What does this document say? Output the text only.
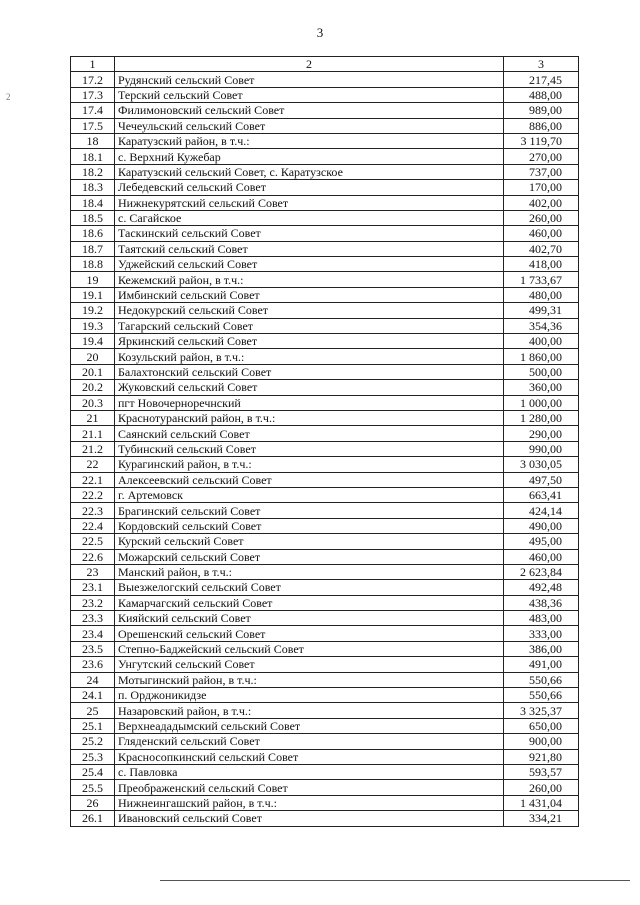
3
2
1	2	3
17.2	Рудянский сельский Совет	217,45
17.3	Терский сельский Совет	488,00
17.4	Филимоновский сельский Совет	989,00
17.5	Чечеульский сельский Совет	886,00
18	Каратузский район, в т.ч.:	3 119,70
18.1	с. Верхний Кужебар	270,00
18.2	Каратузский сельский Совет, с. Каратузское	737,00
18.3	Лебедевский сельский Совет	170,00
18.4	Нижнекурятский сельский Совет	402,00
18.5	с. Сагайское	260,00
18.6	Таскинский сельский Совет	460,00
18.7	Таятский сельский Совет	402,70
18.8	Уджейский сельский Совет	418,00
19	Кежемский район, в т.ч.:	1 733,67
19.1	Имбинский сельский Совет	480,00
19.2	Недокурский сельский Совет	499,31
19.3	Тагарский сельский Совет	354,36
19.4	Яркинский сельский Совет	400,00
20	Козульский район, в т.ч.:	1 860,00
20.1	Балахтонский сельский Совет	500,00
20.2	Жуковский сельский Совет	360,00
20.3	пгт Новочерноречнский	1 000,00
21	Краснотуранский район, в т.ч.:	1 280,00
21.1	Саянский сельский Совет	290,00
21.2	Тубинский сельский Совет	990,00
22	Курагинский район, в т.ч.:	3 030,05
22.1	Алексеевский сельский Совет	497,50
22.2	г. Артемовск	663,41
22.3	Брагинский сельский Совет	424,14
22.4	Кордовский сельский Совет	490,00
22.5	Курский сельский Совет	495,00
22.6	Можарский сельский Совет	460,00
23	Манский район, в т.ч.:	2 623,84
23.1	Выезжелогский сельский Совет	492,48
23.2	Камарчагский сельский Совет	438,36
23.3	Кияйский сельский Совет	483,00
23.4	Орешенский сельский Совет	333,00
23.5	Степно-Баджейский сельский Совет	386,00
23.6	Унгутский сельский Совет	491,00
24	Мотыгинский район, в т.ч.:	550,66
24.1	п. Орджоникидзе	550,66
25	Назаровский район, в т.ч.:	3 325,37
25.1	Верхнеададымский сельский Совет	650,00
25.2	Гляденский сельский Совет	900,00
25.3	Красносопкинский сельский Совет	921,80
25.4	с. Павловка	593,57
25.5	Преображенский сельский Совет	260,00
26	Нижнеингашский район, в т.ч.:	1 431,04
26.1	Ивановский сельский Совет	334,21
